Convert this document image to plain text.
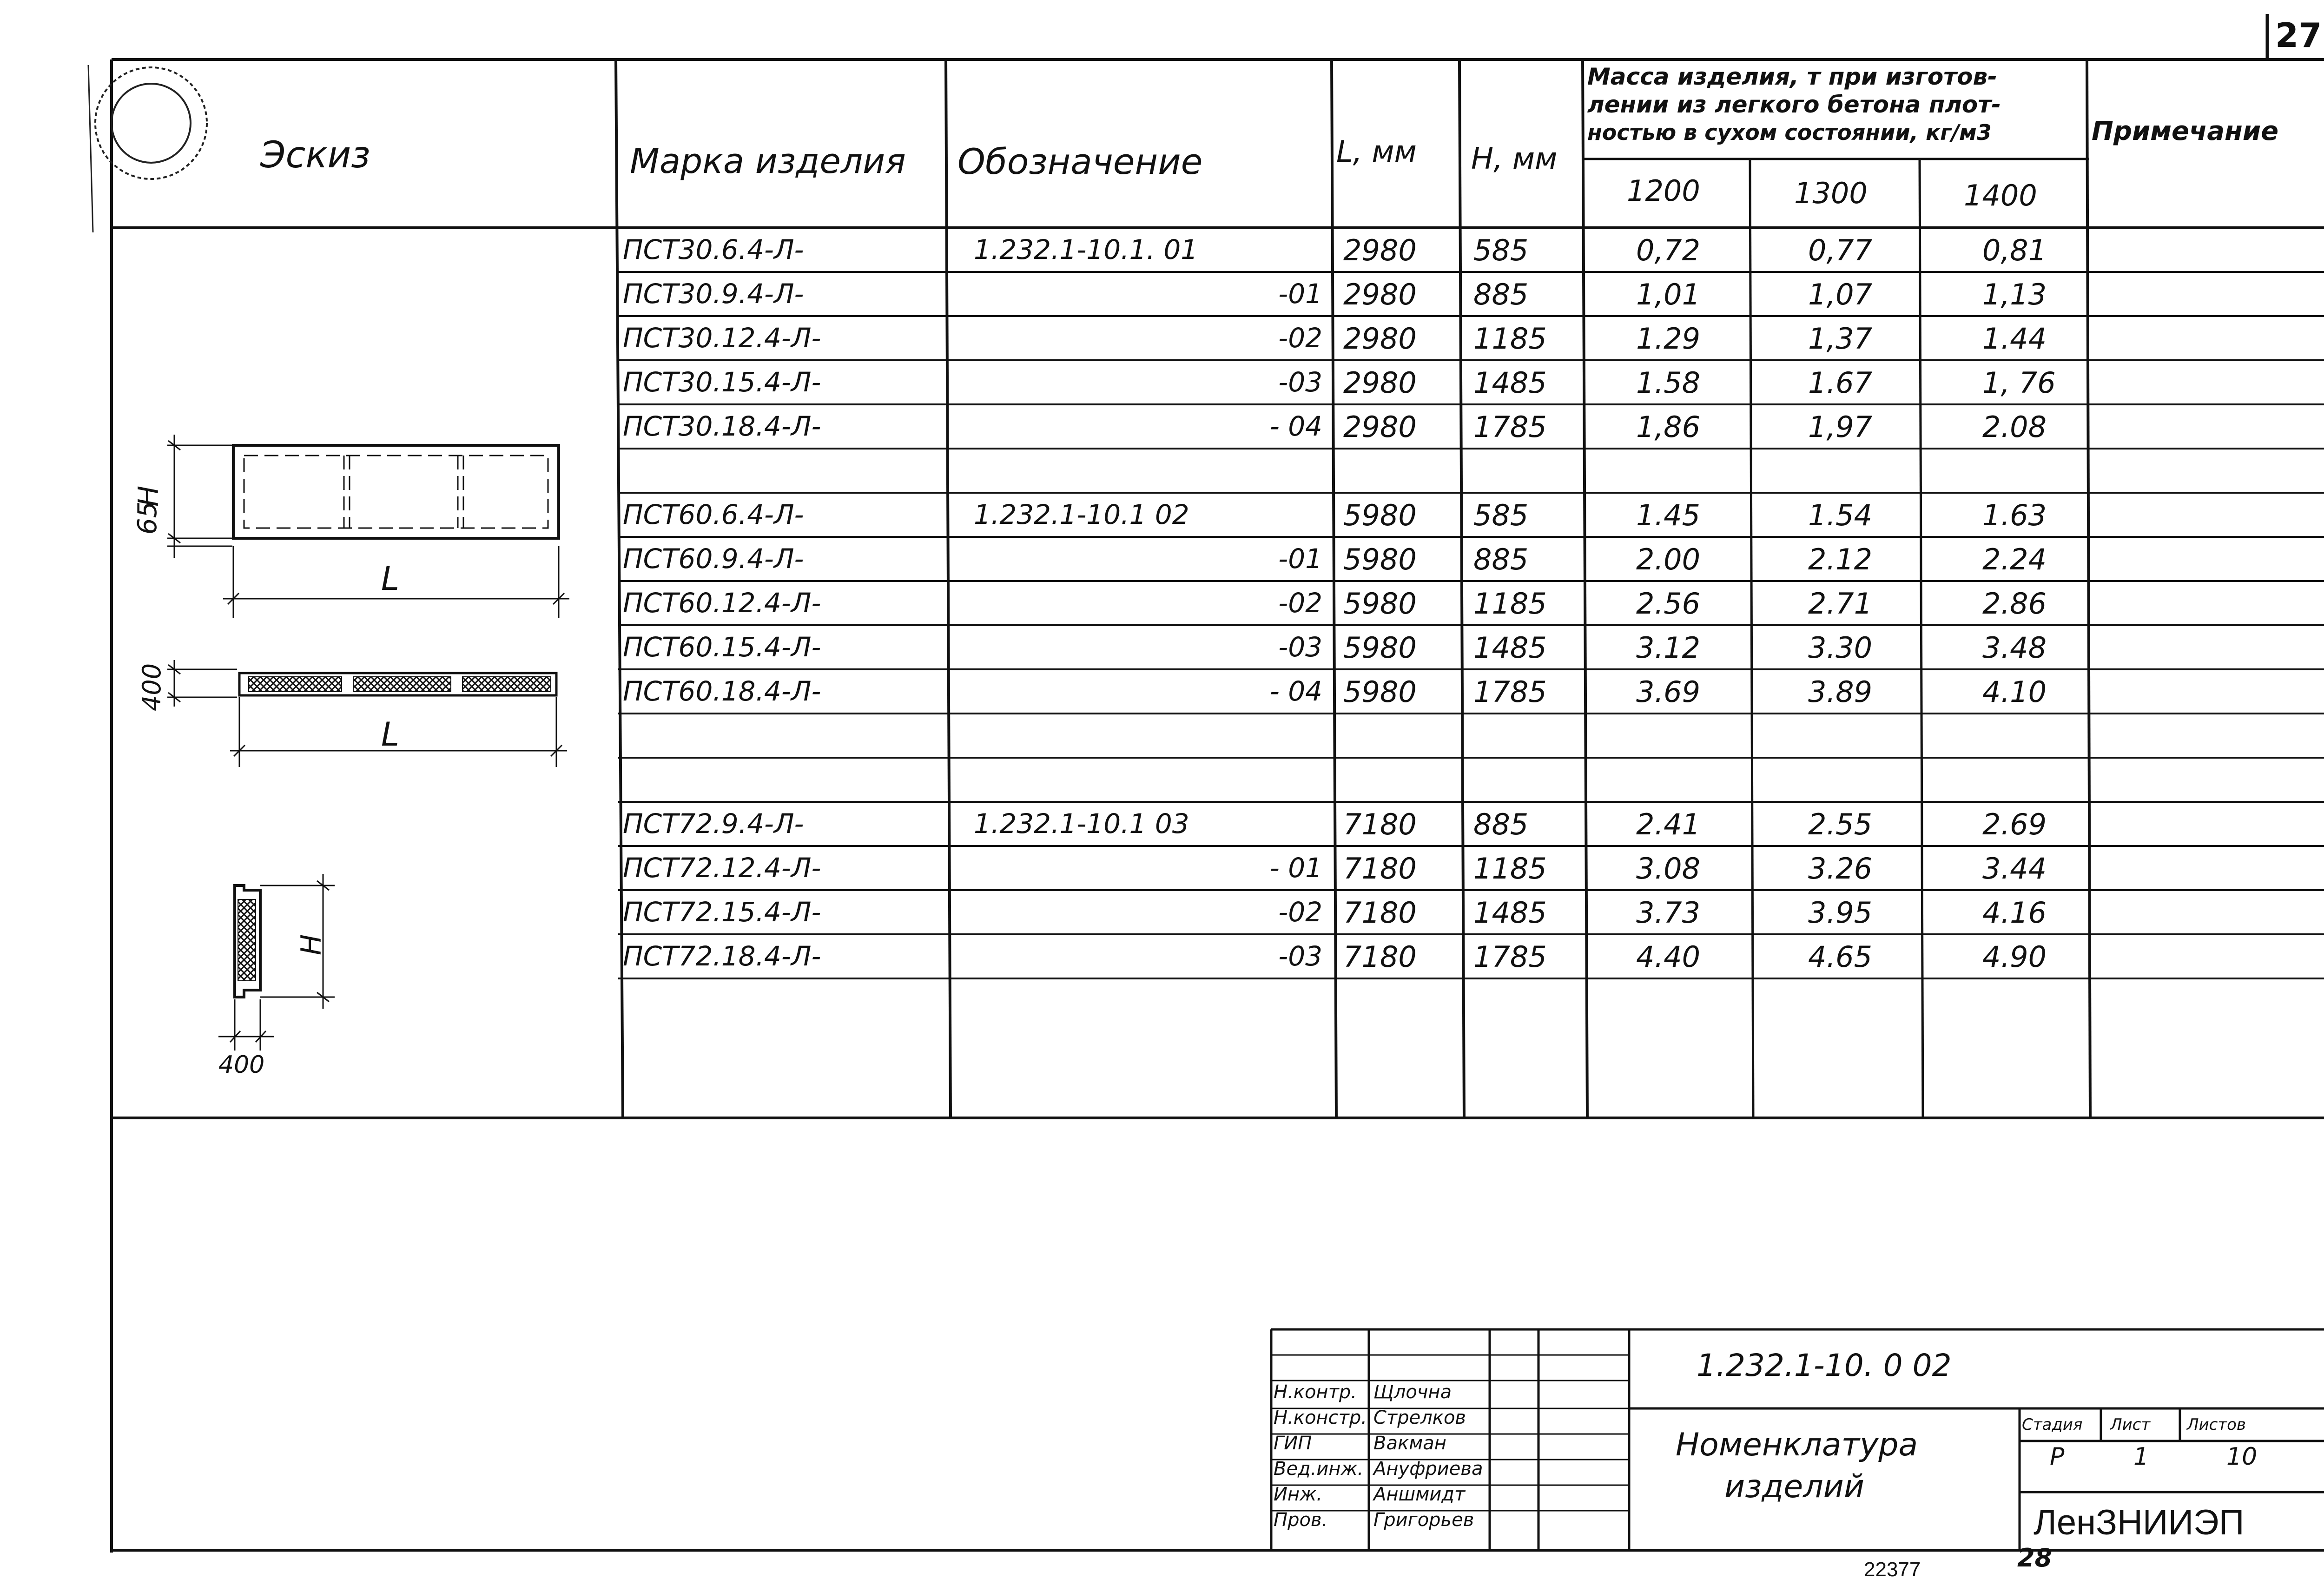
27
Эскиз	Марка изделия Обозначение	L, мм H, мм
Масса изделия, т при изготов-
лении из легкого бетона плот-
ностью в сухом состоянии, кг/м3
1200	1300	1400
Примечание
ПСТ30.6.4-Л-	1.232.1-10.1. 01	2980 585	0,72	0,77	0,81
ПСТ30.9.4-Л-	-01 2980 885	1,01	1,07	1,13
ПСТ30.12.4-Л-	-02 2980 1185	1.29	1,37	1.44
ПСТ30.15.4-Л-	-03 2980 1485	1.58	1.67	1, 76
ПСТ30.18.4-Л-	- 04 2980 1785	1,86	1,97	2.08
ПСТ60.6.4-Л-	1.232.1-10.1 02	5980 585	1.45	1.54	1.63
ПСТ60.9.4-Л-	-01 5980 885	2.00	2.12	2.24
ПСТ60.12.4-Л-	-02 5980 1185	2.56	2.71	2.86
ПСТ60.15.4-Л-	-03 5980 1485	3.12	3.30	3.48
ПСТ60.18.4-Л-	- 04 5980 1785	3.69	3.89	4.10
ПСТ72.9.4-Л-	1.232.1-10.1 03	7180 885	2.41	2.55	2.69
ПСТ72.12.4-Л-	- 01 7180 1185	3.08	3.26	3.44
ПСТ72.15.4-Л-	-02 7180 1485	3.73	3.95	4.16
ПСТ72.18.4-Л-	-03 7180 1785	4.40	4.65	4.90
65
H
L
400
L
H
400
1.232.1-10. 0 02
Номенклатура
изделий
Стадия Лист Листов
Р	1	10
ЛенЗНИИЭП
28
22377
Н.контр. Щлочна
Н.констр. Стрелков
ГИП	Вакман
Вед.инж. Ануфриева
Инж.	Аншмидт
Пров. Григорьев
